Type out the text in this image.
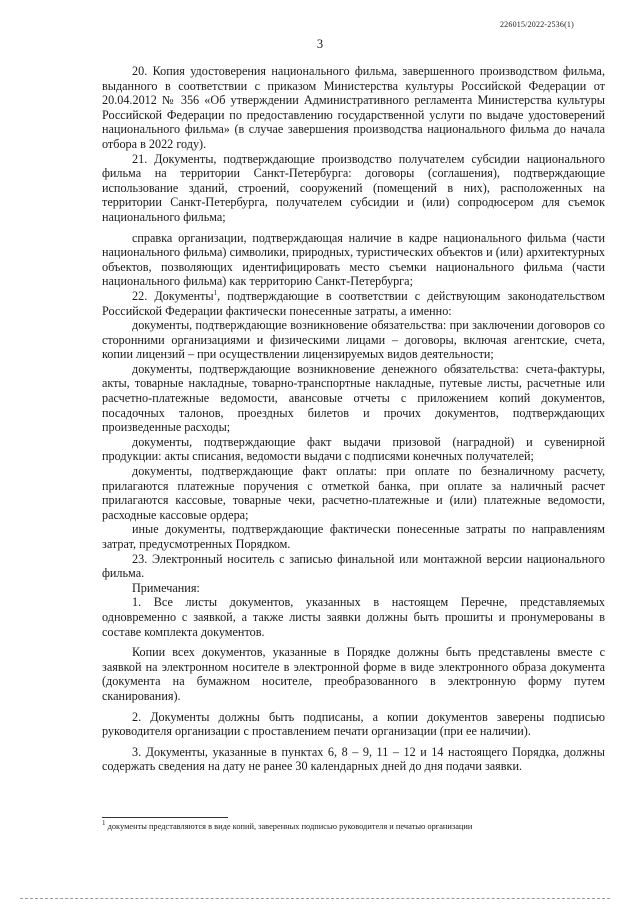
226015/2022-2536(1)
3

20. Копия удостоверения национального фильма, завершенного производством фильма, выданного в соответствии с приказом Министерства культуры Российской Федерации от 20.04.2012 № 356 «Об утверждении Административного регламента Министерства культуры Российской Федерации по предоставлению государственной услуги по выдаче удостоверений национального фильма» (в случае завершения производства национального фильма до начала отбора в 2022 году).

21. Документы, подтверждающие производство получателем субсидии национального фильма на территории Санкт-Петербурга: договоры (соглашения), подтверждающие использование зданий, строений, сооружений (помещений в них), расположенных на территории Санкт-Петербурга, получателем субсидии и (или) сопродюсером для съемок национального фильма;

справка организации, подтверждающая наличие в кадре национального фильма (части национального фильма) символики, природных, туристических объектов и (или) архитектурных объектов, позволяющих идентифицировать место съемки национального фильма (части национального фильма) как территорию Санкт-Петербурга;

22. Документы$^1$, подтверждающие в соответствии с действующим законодательством Российской Федерации фактически понесенные затраты, а именно:

документы, подтверждающие возникновение обязательства: при заключении договоров со сторонними организациями и физическими лицами – договоры, включая агентские, счета, копии лицензий – при осуществлении лицензируемых видов деятельности;

документы, подтверждающие возникновение денежного обязательства: счета-фактуры, акты, товарные накладные, товарно-транспортные накладные, путевые листы, расчетные или расчетно-платежные ведомости, авансовые отчеты с приложением копий документов, посадочных талонов, проездных билетов и прочих документов, подтверждающих произведенные расходы;

документы, подтверждающие факт выдачи призовой (наградной) и сувенирной продукции: акты списания, ведомости выдачи с подписями конечных получателей;

документы, подтверждающие факт оплаты: при оплате по безналичному расчету, прилагаются платежные поручения с отметкой банка, при оплате за наличный расчет прилагаются кассовые, товарные чеки, расчетно-платежные и (или) платежные ведомости, расходные кассовые ордера;

иные документы, подтверждающие фактически понесенные затраты по направлениям затрат, предусмотренных Порядком.

23. Электронный носитель с записью финальной или монтажной версии национального фильма.

Примечания:

1. Все листы документов, указанных в настоящем Перечне, представляемых одновременно с заявкой, а также листы заявки должны быть прошиты и пронумерованы в составе комплекта документов.

Копии всех документов, указанные в Порядке должны быть представлены вместе с заявкой на электронном носителе в электронной форме в виде электронного образа документа (документа на бумажном носителе, преобразованного в электронную форму путем сканирования).

2. Документы должны быть подписаны, а копии документов заверены подписью руководителя организации с проставлением печати организации (при ее наличии).

3. Документы, указанные в пунктах 6, 8 – 9, 11 – 12 и 14 настоящего Порядка, должны содержать сведения на дату не ранее 30 календарных дней до дня подачи заявки.

$^1$ документы представляются в виде копий, заверенных подписью руководителя и печатью организации
